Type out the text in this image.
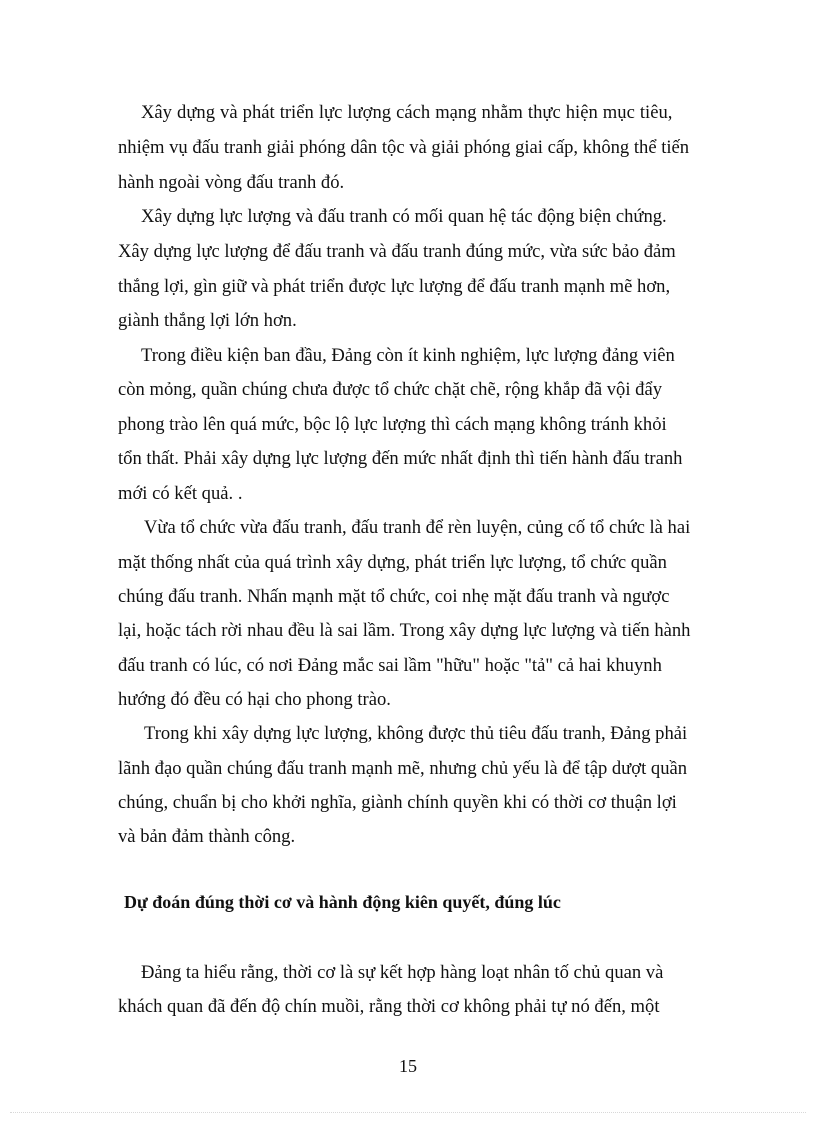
Xây dựng và phát triển lực lượng cách mạng nhằm thực hiện mục tiêu,
nhiệm vụ đấu tranh giải phóng dân tộc và giải phóng giai cấp, không thể tiến
hành ngoài vòng đấu tranh đó.
Xây dựng lực lượng và đấu tranh có mối quan hệ tác động biện chứng.
Xây dựng lực lượng để đấu tranh và đấu tranh đúng mức, vừa sức bảo đảm
thắng lợi, gìn giữ và phát triển được lực lượng để đấu tranh mạnh mẽ hơn,
giành thắng lợi lớn hơn.
Trong điều kiện ban đầu, Đảng còn ít kinh nghiệm, lực lượng đảng viên
còn mỏng, quần chúng chưa được tổ chức chặt chẽ, rộng khắp đã vội đẩy
phong trào lên quá mức, bộc lộ lực lượng thì cách mạng không tránh khỏi
tổn thất. Phải xây dựng lực lượng đến mức nhất định thì tiến hành đấu tranh
mới có kết quả. .
Vừa tổ chức vừa đấu tranh, đấu tranh để rèn luyện, củng cố tổ chức là hai
mặt thống nhất của quá trình xây dựng, phát triển lực lượng, tổ chức quần
chúng đấu tranh. Nhấn mạnh mặt tổ chức, coi nhẹ mặt đấu tranh và ngược
lại, hoặc tách rời nhau đều là sai lầm. Trong xây dựng lực lượng và tiến hành
đấu tranh có lúc, có nơi Đảng mắc sai lầm "hữu" hoặc "tả" cả hai khuynh
hướng đó đều có hại cho phong trào.
Trong khi xây dựng lực lượng, không được thủ tiêu đấu tranh, Đảng phải
lãnh đạo quần chúng đấu tranh mạnh mẽ, nhưng chủ yếu là để tập dượt quần
chúng, chuẩn bị cho khởi nghĩa, giành chính quyền khi có thời cơ thuận lợi
và bản đảm thành công.
Dự đoán đúng thời cơ và hành động kiên quyết, đúng lúc
Đảng ta hiểu rằng, thời cơ là sự kết hợp hàng loạt nhân tố chủ quan và
khách quan đã đến độ chín muồi, rằng thời cơ không phải tự nó đến, một
15
